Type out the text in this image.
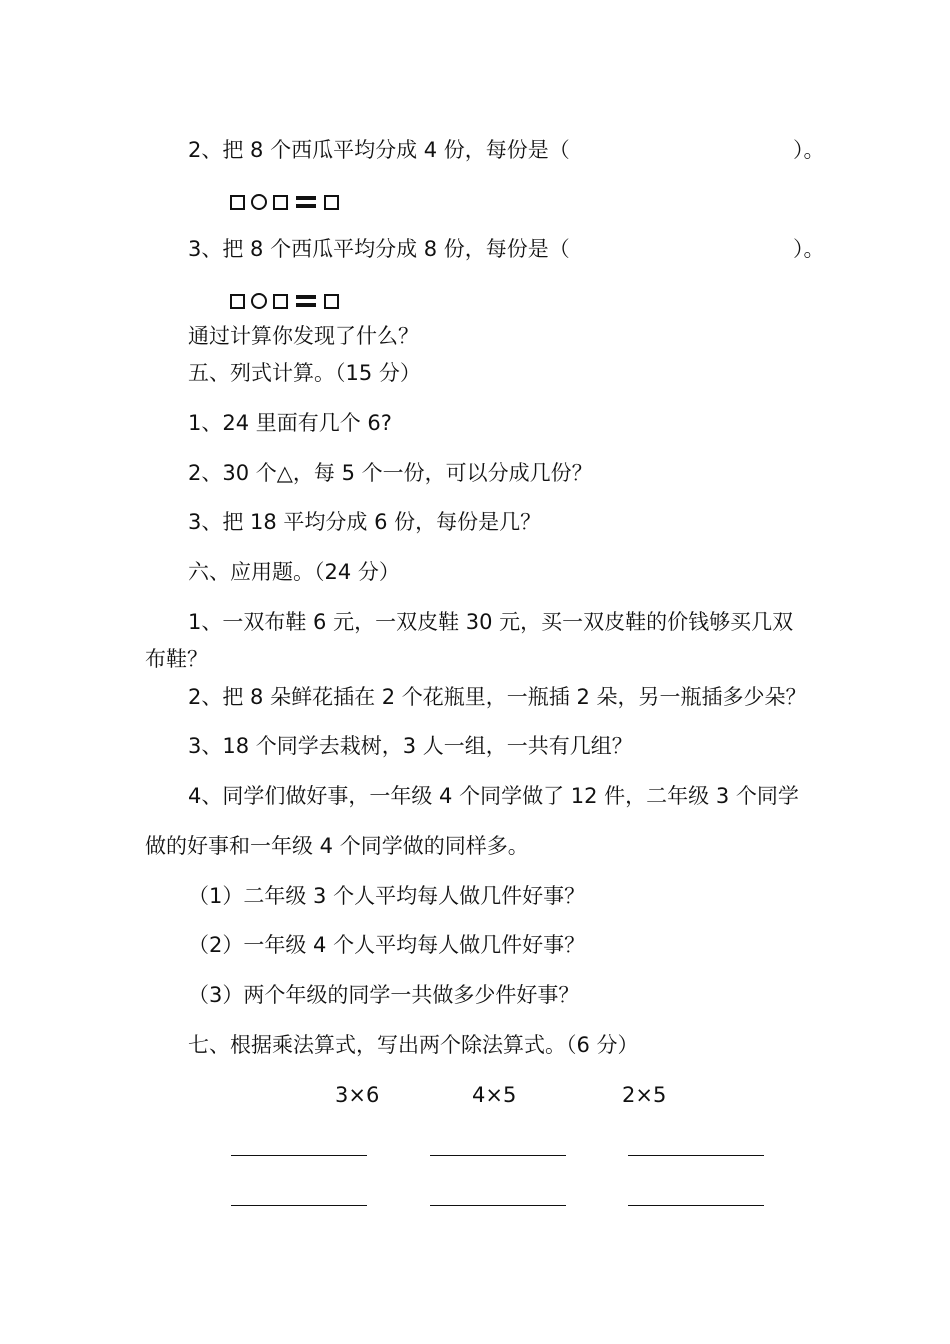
2、把 8 个西瓜平均分成 4 份，每份是（	）。
3、把 8 个西瓜平均分成 8 份，每份是（	）。
通过计算你发现了什么？
五、列式计算。（15 分）
1、24 里面有几个 6?
2、30 个△，每 5 个一份，可以分成几份？
3、把 18 平均分成 6 份，每份是几？
六、应用题。（24 分）
1、一双布鞋 6 元，一双皮鞋 30 元，买一双皮鞋的价钱够买几双
布鞋？
2、把 8 朵鲜花插在 2 个花瓶里，一瓶插 2 朵，另一瓶插多少朵？
3、18 个同学去栽树，3 人一组，一共有几组？
4、同学们做好事，一年级 4 个同学做了 12 件，二年级 3 个同学
做的好事和一年级 4 个同学做的同样多。
（1）二年级 3 个人平均每人做几件好事？
（2）一年级 4 个人平均每人做几件好事？
（3）两个年级的同学一共做多少件好事？
七、根据乘法算式，写出两个除法算式。（6 分）
3×6	4×5	2×5
